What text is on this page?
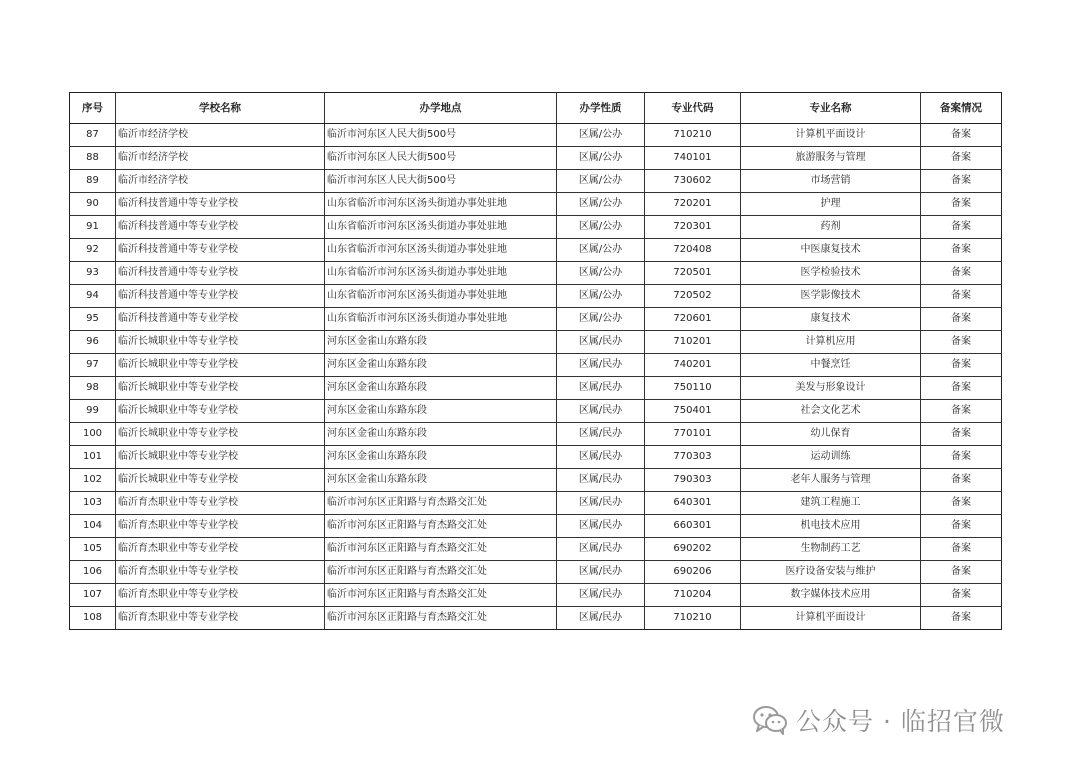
序号	学校名称	办学地点	办学性质	专业代码	专业名称	备案情况
87	临沂市经济学校	临沂市河东区人民大街500号	区属/公办	710210	计算机平面设计	备案
88	临沂市经济学校	临沂市河东区人民大街500号	区属/公办	740101	旅游服务与管理	备案
89	临沂市经济学校	临沂市河东区人民大街500号	区属/公办	730602	市场营销	备案
90	临沂科技普通中等专业学校	山东省临沂市河东区汤头街道办事处驻地	区属/公办	720201	护理	备案
91	临沂科技普通中等专业学校	山东省临沂市河东区汤头街道办事处驻地	区属/公办	720301	药剂	备案
92	临沂科技普通中等专业学校	山东省临沂市河东区汤头街道办事处驻地	区属/公办	720408	中医康复技术	备案
93	临沂科技普通中等专业学校	山东省临沂市河东区汤头街道办事处驻地	区属/公办	720501	医学检验技术	备案
94	临沂科技普通中等专业学校	山东省临沂市河东区汤头街道办事处驻地	区属/公办	720502	医学影像技术	备案
95	临沂科技普通中等专业学校	山东省临沂市河东区汤头街道办事处驻地	区属/公办	720601	康复技术	备案
96	临沂长城职业中等专业学校	河东区金雀山东路东段	区属/民办	710201	计算机应用	备案
97	临沂长城职业中等专业学校	河东区金雀山东路东段	区属/民办	740201	中餐烹饪	备案
98	临沂长城职业中等专业学校	河东区金雀山东路东段	区属/民办	750110	美发与形象设计	备案
99	临沂长城职业中等专业学校	河东区金雀山东路东段	区属/民办	750401	社会文化艺术	备案
100	临沂长城职业中等专业学校	河东区金雀山东路东段	区属/民办	770101	幼儿保育	备案
101	临沂长城职业中等专业学校	河东区金雀山东路东段	区属/民办	770303	运动训练	备案
102	临沂长城职业中等专业学校	河东区金雀山东路东段	区属/民办	790303	老年人服务与管理	备案
103	临沂育杰职业中等专业学校	临沂市河东区正阳路与育杰路交汇处	区属/民办	640301	建筑工程施工	备案
104	临沂育杰职业中等专业学校	临沂市河东区正阳路与育杰路交汇处	区属/民办	660301	机电技术应用	备案
105	临沂育杰职业中等专业学校	临沂市河东区正阳路与育杰路交汇处	区属/民办	690202	生物制药工艺	备案
106	临沂育杰职业中等专业学校	临沂市河东区正阳路与育杰路交汇处	区属/民办	690206	医疗设备安装与维护	备案
107	临沂育杰职业中等专业学校	临沂市河东区正阳路与育杰路交汇处	区属/民办	710204	数字媒体技术应用	备案
108	临沂育杰职业中等专业学校	临沂市河东区正阳路与育杰路交汇处	区属/民办	710210	计算机平面设计	备案
公众号 · 临招官微
